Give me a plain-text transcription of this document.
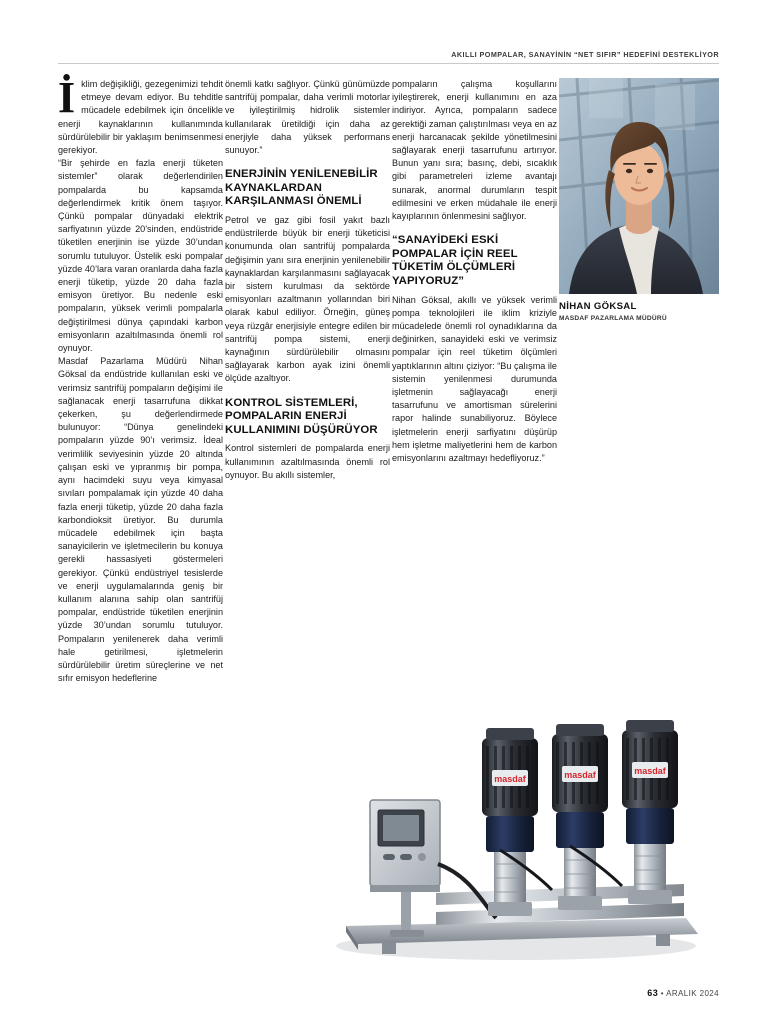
AKILLI POMPALAR, SANAYİNİN “NET SIFIR” HEDEFİNİ DESTEKLİYOR

İklim değişikliği, gezegenimizi tehdit etmeye devam ediyor. Bu tehditle mücadele edebilmek için öncelikle enerji kaynaklarının kullanımında sürdürülebilir bir yaklaşım benimsenmesi gerekiyor.

“Bir şehirde en fazla enerji tüketen sistemler” olarak değerlendirilen pompalarda bu kapsamda değerlendirmek kritik önem taşıyor. Çünkü pompalar dünyadaki elektrik sarfiyatının yüzde 20’sinden, endüstride tüketilen enerjinin ise yüzde 30’undan sorumlu tutuluyor. Üstelik eski pompalar yüzde 40’lara varan oranlarda daha fazla enerji tüketip, yüzde 20 daha fazla emisyon üretiyor. Bu nedenle eski pompaların, yüksek verimli pompalarla değiştirilmesi dünya çapındaki karbon emisyonların azaltılmasında önemli rol oynuyor.

Masdaf Pazarlama Müdürü Nihan Göksal da endüstride kullanılan eski ve verimsiz santrifüj pompaların değişimi ile sağlanacak enerji tasarrufuna dikkat çekerken, şu değerlendirmede bulunuyor: “Dünya genelindeki pompaların yüzde 90’ı verimsiz. İdeal verimlilik seviyesinin yüzde 20 altında çalışan eski ve yıpranmış bir pompa, aynı hacimdeki suyu veya kimyasal sıvıları pompalamak için yüzde 40 daha fazla enerji tüketip, yüzde 20 daha fazla karbondioksit üretiyor. Bu durumla mücadele edebilmek için başta sanayicilerin ve işletmecilerin bu konuya gerekli hassasiyeti göstermeleri gerekiyor. Çünkü endüstriyel tesislerde ve enerji uygulamalarında geniş bir kullanım alanına sahip olan santrifüj pompalar, endüstride tüketilen enerjinin yüzde 30’undan sorumlu tutuluyor. Pompaların yenilenerek daha verimli hale getirilmesi, işletmelerin sürdürülebilir üretim süreçlerine ve net sıfır emisyon hedeflerine

önemli katkı sağlıyor. Çünkü günümüzde santrifüj pompalar, daha verimli motorlar ve iyileştirilmiş hidrolik sistemler kullanılarak üretildiği için daha az enerjiyle daha yüksek performans sunuyor.”

ENERJİNİN YENİLENEBİLİR KAYNAKLARDAN KARŞILANMASI ÖNEMLİ

Petrol ve gaz gibi fosil yakıt bazlı endüstrilerde büyük bir enerji tüketicisi konumunda olan santrifüj pompalarda değişimin yanı sıra enerjinin yenilenebilir kaynaklardan karşılanmasını sağlayacak bir sistem kurulması da sektörde emisyonları azaltmanın yollarından biri olarak kabul ediliyor. Örneğin, güneş veya rüzgâr enerjisiyle entegre edilen bir santrifüj pompa sistemi, enerji kaynağının sürdürülebilir olmasını sağlayarak karbon ayak izini önemli ölçüde azaltıyor.

KONTROL SİSTEMLERİ, POMPALARIN ENERJİ KULLANIMINI DÜŞÜRÜYOR

Kontrol sistemleri de pompalarda enerji kullanımının azaltılmasında önemli rol oynuyor. Bu akıllı sistemler,

pompaların çalışma koşullarını iyileştirerek, enerji kullanımını en aza indiriyor. Ayrıca, pompaların sadece gerektiği zaman çalıştırılması veya en az enerji harcanacak şekilde yönetilmesini sağlayarak enerji tasarrufunu artırıyor. Bunun yanı sıra; basınç, debi, sıcaklık gibi parametreleri izleme avantajı sunarak, anormal durumların tespit edilmesini ve erken müdahale ile enerji kayıplarının önlenmesini sağlıyor.

“SANAYİDEKİ ESKİ POMPALAR İÇİN REEL TÜKETİM ÖLÇÜMLERİ YAPIYORUZ”

Nihan Göksal, akıllı ve yüksek verimli pompa teknolojileri ile iklim kriziyle mücadelede önemli rol oynadıklarına da değinirken, sanayideki eski ve verimsiz pompalar için reel tüketim ölçümleri yaptıklarının altını çiziyor: “Bu çalışma ile sistemin yenilenmesi durumunda işletmenin sağlayacağı enerji tasarrufunu ve amortisman sürelerini rapor halinde sunabiliyoruz. Böylece işletmelerin enerji sarfiyatını düşürüp hem işletme maliyetlerini hem de karbon emisyonlarını azaltmayı hedefliyoruz.”

NİHAN GÖKSAL
MASDAF PAZARLAMA MÜDÜRÜ
masdaf	masdaf	masdaf
63 • ARALIK 2024
